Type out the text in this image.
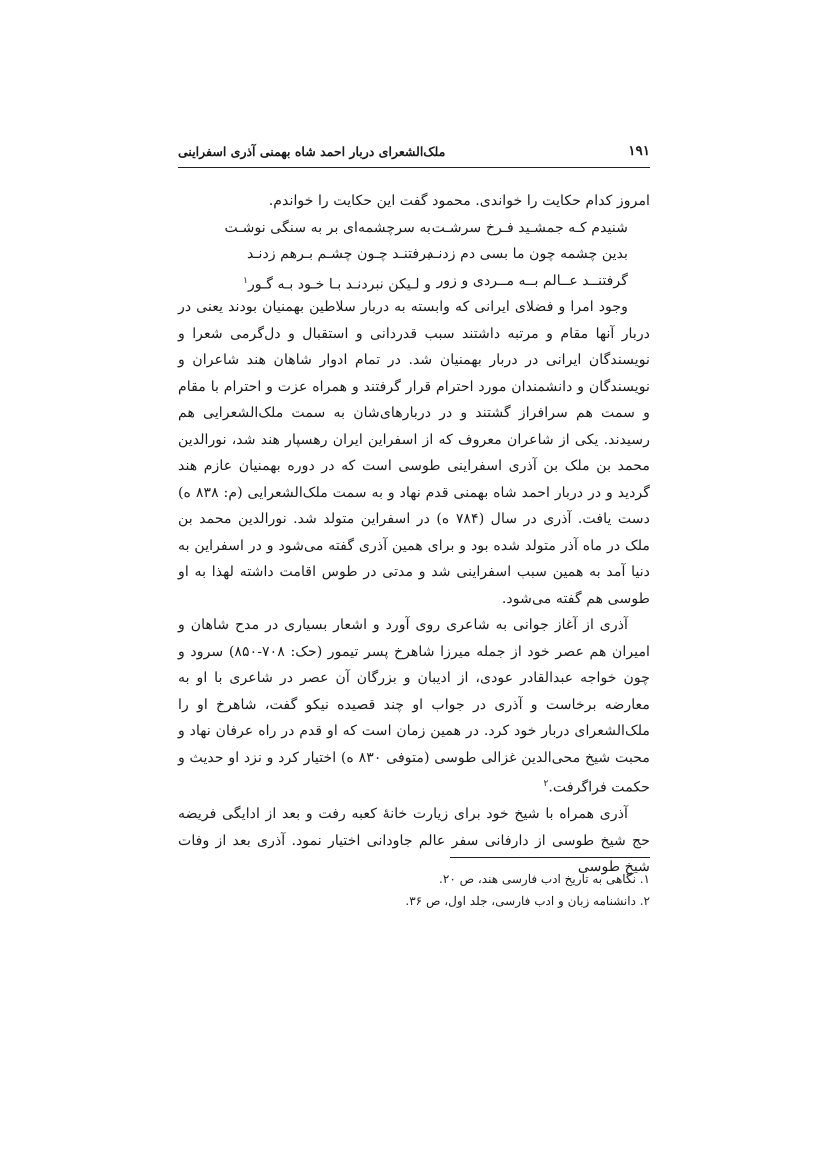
۱۹۱
ملک‌الشعرای دربار احمد شاه بهمنی آذری اسفراینی

امروز کدام حکایت را خواندی. محمود گفت این حکایت را خواندم.

شنیدم کـه جمشـید فـرخ سرشـت
به سرچشمه‌ای بر به سنگی نوشـت
بدین چشمه چون ما بسی دم زدنـد
برفتنـد چـون چشـم بـرهم زدنـد
گرفتنــد عــالم بــه مــردی و زور
و لـیکن نبردنـد بـا خـود بـه گـور$^۱$

وجود امرا و فضلای ایرانی که وابسته به دربار سلاطین بهمنیان بودند یعنی در دربار آنها مقام و مرتبه داشتند سبب قدردانی و استقبال و دل‌گرمی شعرا و نویسندگان ایرانی در دربار بهمنیان شد. در تمام ادوار شاهان هند شاعران و نویسندگان و دانشمندان مورد احترام قرار گرفتند و همراه عزت و احترام با مقام و سمت هم سرافراز گشتند و در دربارهای‌شان به سمت ملک‌الشعرایی هم رسیدند. یکی از شاعران معروف که از اسفراین ایران رهسپار هند شد، نورالدین محمد بن ملک بن آذری اسفراینی طوسی است که در دوره بهمنیان عازم هند گردید و در دربار احمد شاه بهمنی قدم نهاد و به سمت ملک‌الشعرایی (م: ۸۳۸ ه) دست یافت. آذری در سال (۷۸۴ ه) در اسفراین متولد شد. نورالدین محمد بن ملک در ماه آذر متولد شده بود و برای همین آذری گفته می‌شود و در اسفراین به دنیا آمد به همین سبب اسفراینی شد و مدتی در طوس اقامت داشته لهذا به او طوسی هم گفته می‌شود.

آذری از آغاز جوانی به شاعری روی آورد و اشعار بسیاری در مدح شاهان و امیران هم عصر خود از جمله میرزا شاهرخ پسر تیمور (حک: ۷۰۸-۸۵۰) سرود و چون خواجه عبدالقادر عودی، از ادیبان و بزرگان آن عصر در شاعری با او به معارضه برخاست و آذری در جواب او چند قصیده نیکو گفت، شاهرخ او را ملک‌الشعرای دربار خود کرد. در همین زمان است که او قدم در راه عرفان نهاد و محبت شیخ محی‌الدین غزالی طوسی (متوفی ۸۳۰ ه) اختیار کرد و نزد او حدیث و حکمت فراگرفت.$^۲$

آذری همراه با شیخ خود برای زیارت خانهٔ کعبه رفت و بعد از ادایگی فریضه حج شیخ طوسی از دارفانی سفر عالم جاودانی اختیار نمود. آذری بعد از وفات شیخ طوسی

۱. نگاهی به تاریخ ادب فارسی هند، ص ۲۰.

۲. دانشنامه زبان و ادب فارسی، جلد اول، ص ۳۶.
